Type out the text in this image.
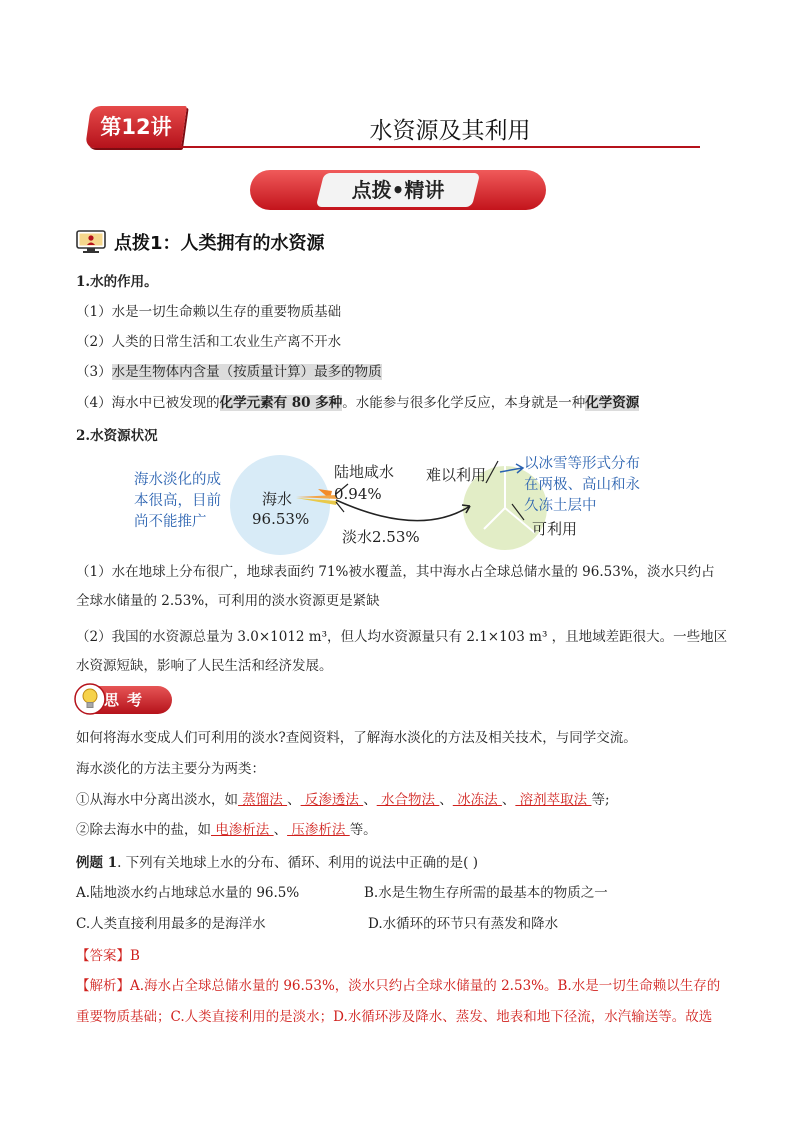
第12讲	水资源及其利用
点拨•精讲
点拨1：人类拥有的水资源
1.水的作用。
（1）水是一切生命赖以生存的重要物质基础
（2）人类的日常生活和工农业生产离不开水
（3）水是生物体内含量（按质量计算）最多的物质
（4）海水中已被发现的化学元素有 80 多种。水能参与很多化学反应，本身就是一种化学资源
2.水资源状况
海水淡化的成
本很高，目前
尚不能推广
海水
96.53%
陆地咸水
0.94%
淡水2.53%
难以利用
可利用
以冰雪等形式分布
在两极、高山和永
久冻土层中
（1）水在地球上分布很广，地球表面约 71%被水覆盖，其中海水占全球总储水量的 96.53%，淡水只约占
全球水储量的 2.53%，可利用的淡水资源更是紧缺
（2）我国的水资源总量为 3.0×1012 m³，但人均水资源量只有 2.1×103 m³ ，且地域差距很大。一些地区
水资源短缺，影响了人民生活和经济发展。
思考
如何将海水变成人们可利用的淡水?查阅资料，了解海水淡化的方法及相关技术，与同学交流。
海水淡化的方法主要分为两类：
①从海水中分离出淡水，如 蒸馏法 、 反渗透法 、 水合物法 、 冰冻法 、 溶剂萃取法 等;
②除去海水中的盐，如 电渗析法 、 压渗析法 等。
例题 1. 下列有关地球上水的分布、循环、利用的说法中正确的是( )
A.陆地淡水约占地球总水量的 96.5%	B.水是生物生存所需的最基本的物质之一
C.人类直接利用最多的是海洋水	D.水循环的环节只有蒸发和降水
【答案】B
【解析】A.海水占全球总储水量的 96.53%，淡水只约占全球水储量的 2.53%。B.水是一切生命赖以生存的
重要物质基础；C.人类直接利用的是淡水；D.水循环涉及降水、蒸发、地表和地下径流，水汽输送等。故选
